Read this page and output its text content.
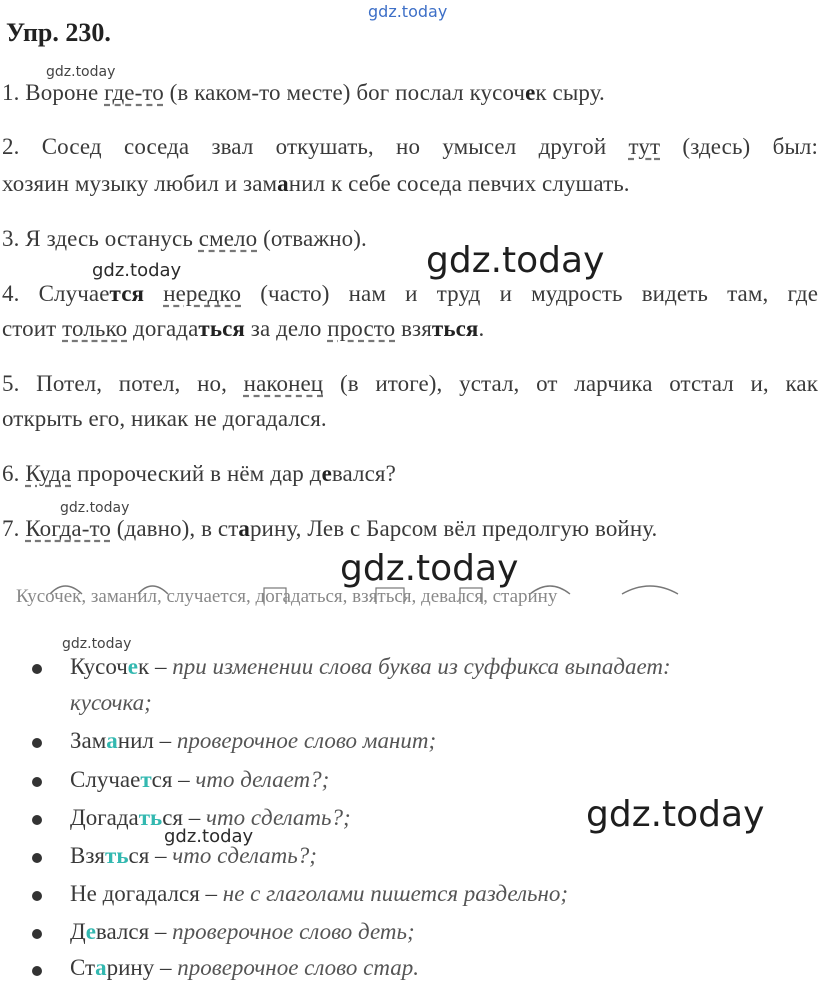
gdz.today
gdz.today
gdz.today	gdz.today
gdz.today
gdz.today
gdz.today
gdz.today
gdz.today
Упр. 230.
1. Вороне где-то (в каком-то месте) бог послал кусочек сыру.
2. Сосед соседа звал откушать, но умысел другой тут (здесь) был:
хозяин музыку любил и заманил к себе соседа певчих слушать.
3. Я здесь останусь смело (отважно).
4. Случается нередко (часто) нам и труд и мудрость видеть там, где
стоит только догадаться за дело просто взяться.
5. Потел, потел, но, наконец (в итоге), устал, от ларчика отстал и, как
открыть его, никак не догадался.
6. Куда пророческий в нём дар девался?
7. Когда-то (давно), в старину, Лев с Барсом вёл предолгую войну.
Кусочек, заманил, случается, догадаться, взяться, девался, старину
Кусочек – при изменении слова буква из суффикса выпадает:
кусочка;
Заманил – проверочное слово манит;
Случается – что делает?;
Догадаться – что сделать?;
Взяться – что сделать?;
Не догадался – не с глаголами пишется раздельно;
Девался – проверочное слово деть;
Старину – проверочное слово стар.
